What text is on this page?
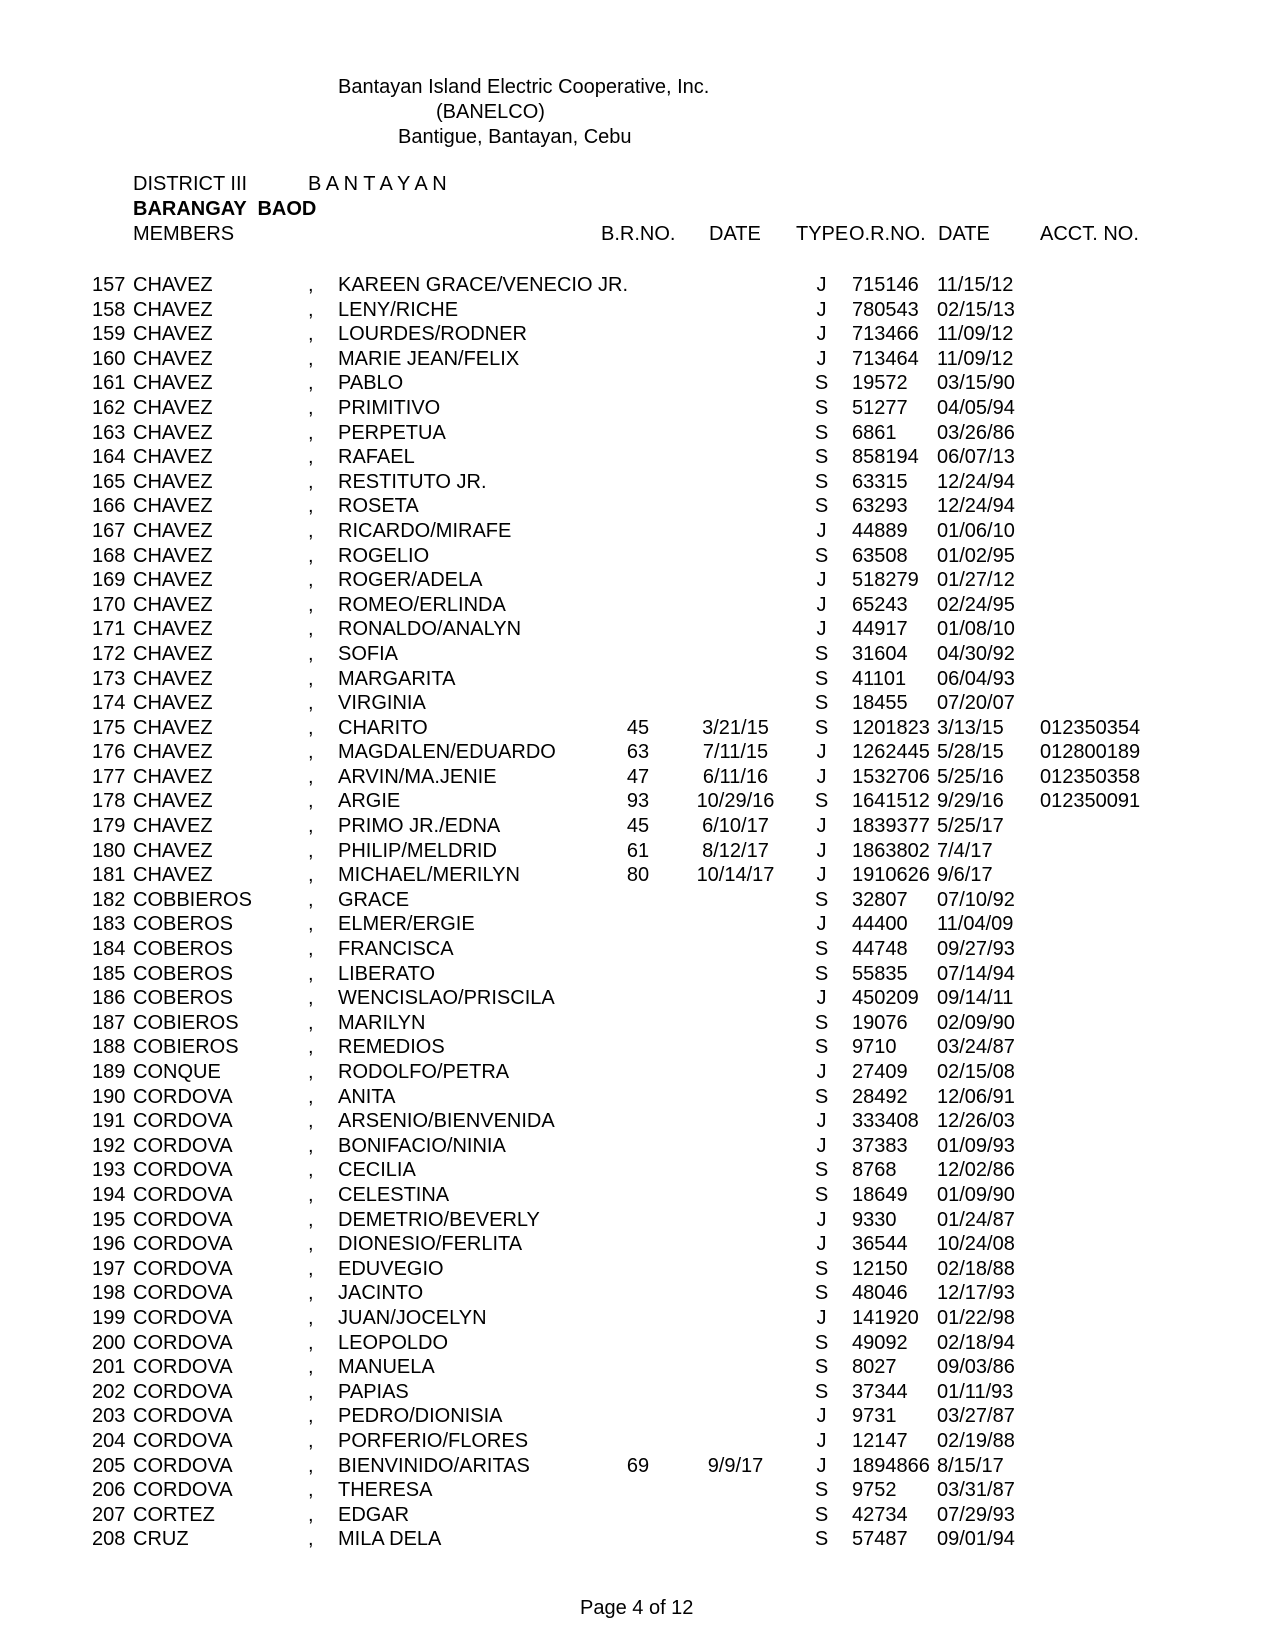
Bantayan Island Electric Cooperative, Inc.
(BANELCO)
Bantigue, Bantayan, Cebu
DISTRICT III	B A N T A Y A N
BARANGAY  BAOD
MEMBERS	B.R.NO. DATE TYPE O.R.NO. DATE	ACCT. NO.
157 CHAVEZ	, KAREEN GRACE/VENECIO JR.	J	715146 11/15/12
158 CHAVEZ	, LENY/RICHE	J	780543 02/15/13
159 CHAVEZ	, LOURDES/RODNER	J	713466 11/09/12
160 CHAVEZ	, MARIE JEAN/FELIX	J	713464 11/09/12
161 CHAVEZ	, PABLO	S	19572 03/15/90
162 CHAVEZ	, PRIMITIVO	S	51277 04/05/94
163 CHAVEZ	, PERPETUA	S	6861 03/26/86
164 CHAVEZ	, RAFAEL	S	858194 06/07/13
165 CHAVEZ	, RESTITUTO JR.	S	63315 12/24/94
166 CHAVEZ	, ROSETA	S	63293 12/24/94
167 CHAVEZ	, RICARDO/MIRAFE	J	44889 01/06/10
168 CHAVEZ	, ROGELIO	S	63508 01/02/95
169 CHAVEZ	, ROGER/ADELA	J	518279 01/27/12
170 CHAVEZ	, ROMEO/ERLINDA	J	65243 02/24/95
171 CHAVEZ	, RONALDO/ANALYN	J	44917 01/08/10
172 CHAVEZ	, SOFIA	S	31604 04/30/92
173 CHAVEZ	, MARGARITA	S	41101 06/04/93
174 CHAVEZ	, VIRGINIA	S	18455 07/20/07
175 CHAVEZ	, CHARITO	45	3/21/15	S	1201823 3/13/15 012350354
176 CHAVEZ	, MAGDALEN/EDUARDO	63	7/11/15	J	1262445 5/28/15 012800189
177 CHAVEZ	, ARVIN/MA.JENIE	47	6/11/16	J	1532706 5/25/16 012350358
178 CHAVEZ	, ARGIE	93	10/29/16	S	1641512 9/29/16 012350091
179 CHAVEZ	, PRIMO JR./EDNA	45	6/10/17	J	1839377 5/25/17
180 CHAVEZ	, PHILIP/MELDRID	61	8/12/17	J	1863802 7/4/17
181 CHAVEZ	, MICHAEL/MERILYN	80	10/14/17	J	1910626 9/6/17
182 COBBIEROS	, GRACE	S	32807 07/10/92
183 COBEROS	, ELMER/ERGIE	J	44400 11/04/09
184 COBEROS	, FRANCISCA	S	44748 09/27/93
185 COBEROS	, LIBERATO	S	55835 07/14/94
186 COBEROS	, WENCISLAO/PRISCILA	J	450209 09/14/11
187 COBIEROS	, MARILYN	S	19076 02/09/90
188 COBIEROS	, REMEDIOS	S	9710 03/24/87
189 CONQUE	, RODOLFO/PETRA	J	27409 02/15/08
190 CORDOVA	, ANITA	S	28492 12/06/91
191 CORDOVA	, ARSENIO/BIENVENIDA	J	333408 12/26/03
192 CORDOVA	, BONIFACIO/NINIA	J	37383 01/09/93
193 CORDOVA	, CECILIA	S	8768 12/02/86
194 CORDOVA	, CELESTINA	S	18649 01/09/90
195 CORDOVA	, DEMETRIO/BEVERLY	J	9330 01/24/87
196 CORDOVA	, DIONESIO/FERLITA	J	36544 10/24/08
197 CORDOVA	, EDUVEGIO	S	12150 02/18/88
198 CORDOVA	, JACINTO	S	48046 12/17/93
199 CORDOVA	, JUAN/JOCELYN	J	141920 01/22/98
200 CORDOVA	, LEOPOLDO	S	49092 02/18/94
201 CORDOVA	, MANUELA	S	8027 09/03/86
202 CORDOVA	, PAPIAS	S	37344 01/11/93
203 CORDOVA	, PEDRO/DIONISIA	J	9731 03/27/87
204 CORDOVA	, PORFERIO/FLORES	J	12147 02/19/88
205 CORDOVA	, BIENVINIDO/ARITAS	69	9/9/17	J	1894866 8/15/17
206 CORDOVA	, THERESA	S	9752 03/31/87
207 CORTEZ	, EDGAR	S	42734 07/29/93
208 CRUZ	, MILA DELA	S	57487 09/01/94
Page 4 of 12
